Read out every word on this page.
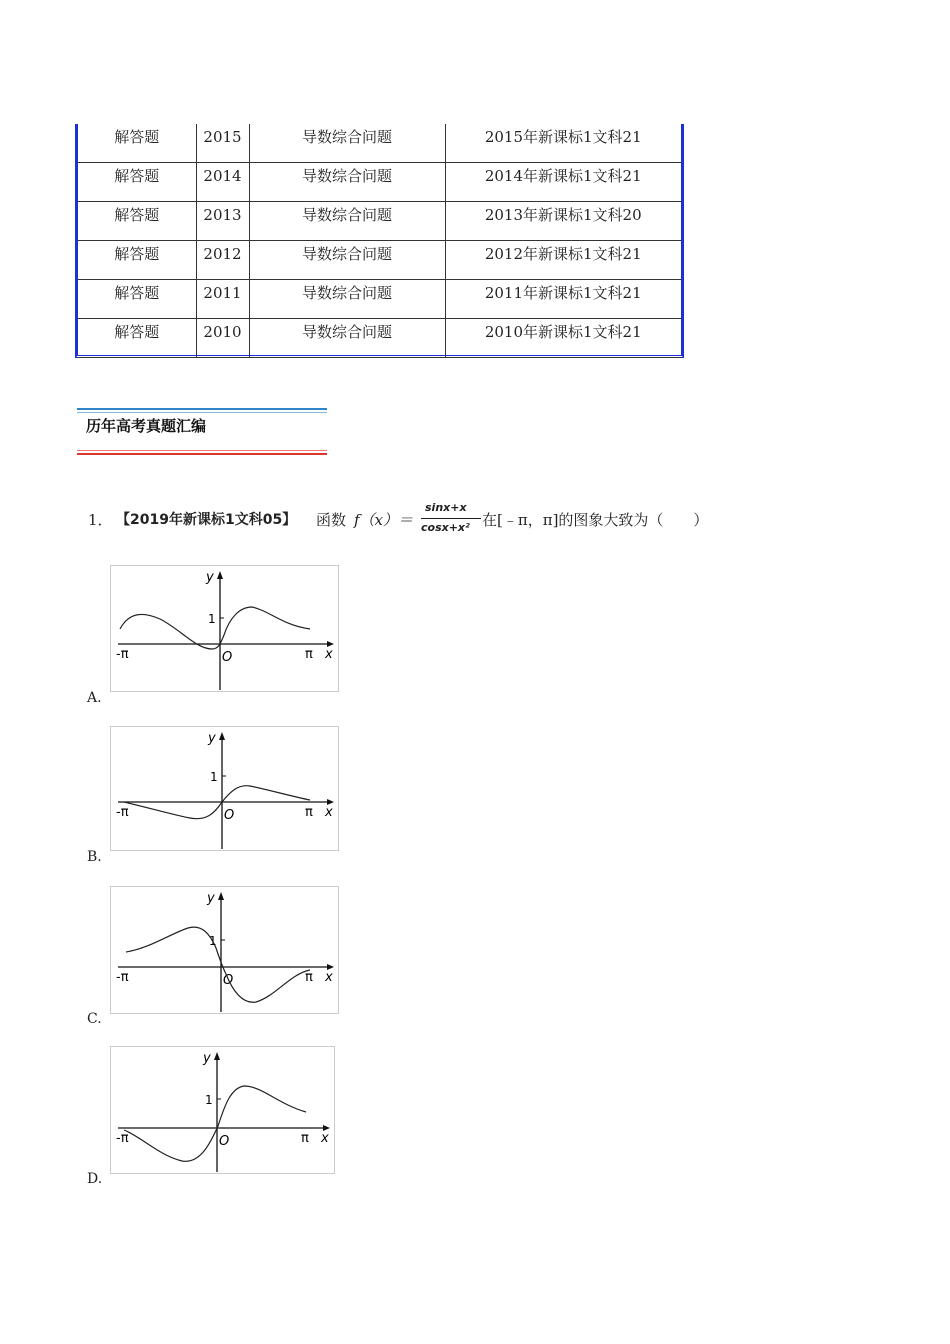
解答题	2015	导数综合问题	2015年新课标1文科21
解答题	2014	导数综合问题	2014年新课标1文科21
解答题	2013	导数综合问题	2013年新课标1文科20
解答题	2012	导数综合问题	2012年新课标1文科21
解答题	2011	导数综合问题	2011年新课标1文科21
解答题	2010	导数综合问题	2010年新课标1文科21
历年高考真题汇编
1． 【2019年新课标1文科05】 函数 f（x）＝
sinx+x
cosx+x² 在[﹣π，π]的图象大致为（　　）
y
x
O
-π	π
1
A.
y
x
O
-π	π
1
B.
y
x
O
-π	π
1
C.
y
x
O
-π	π
1
D.
